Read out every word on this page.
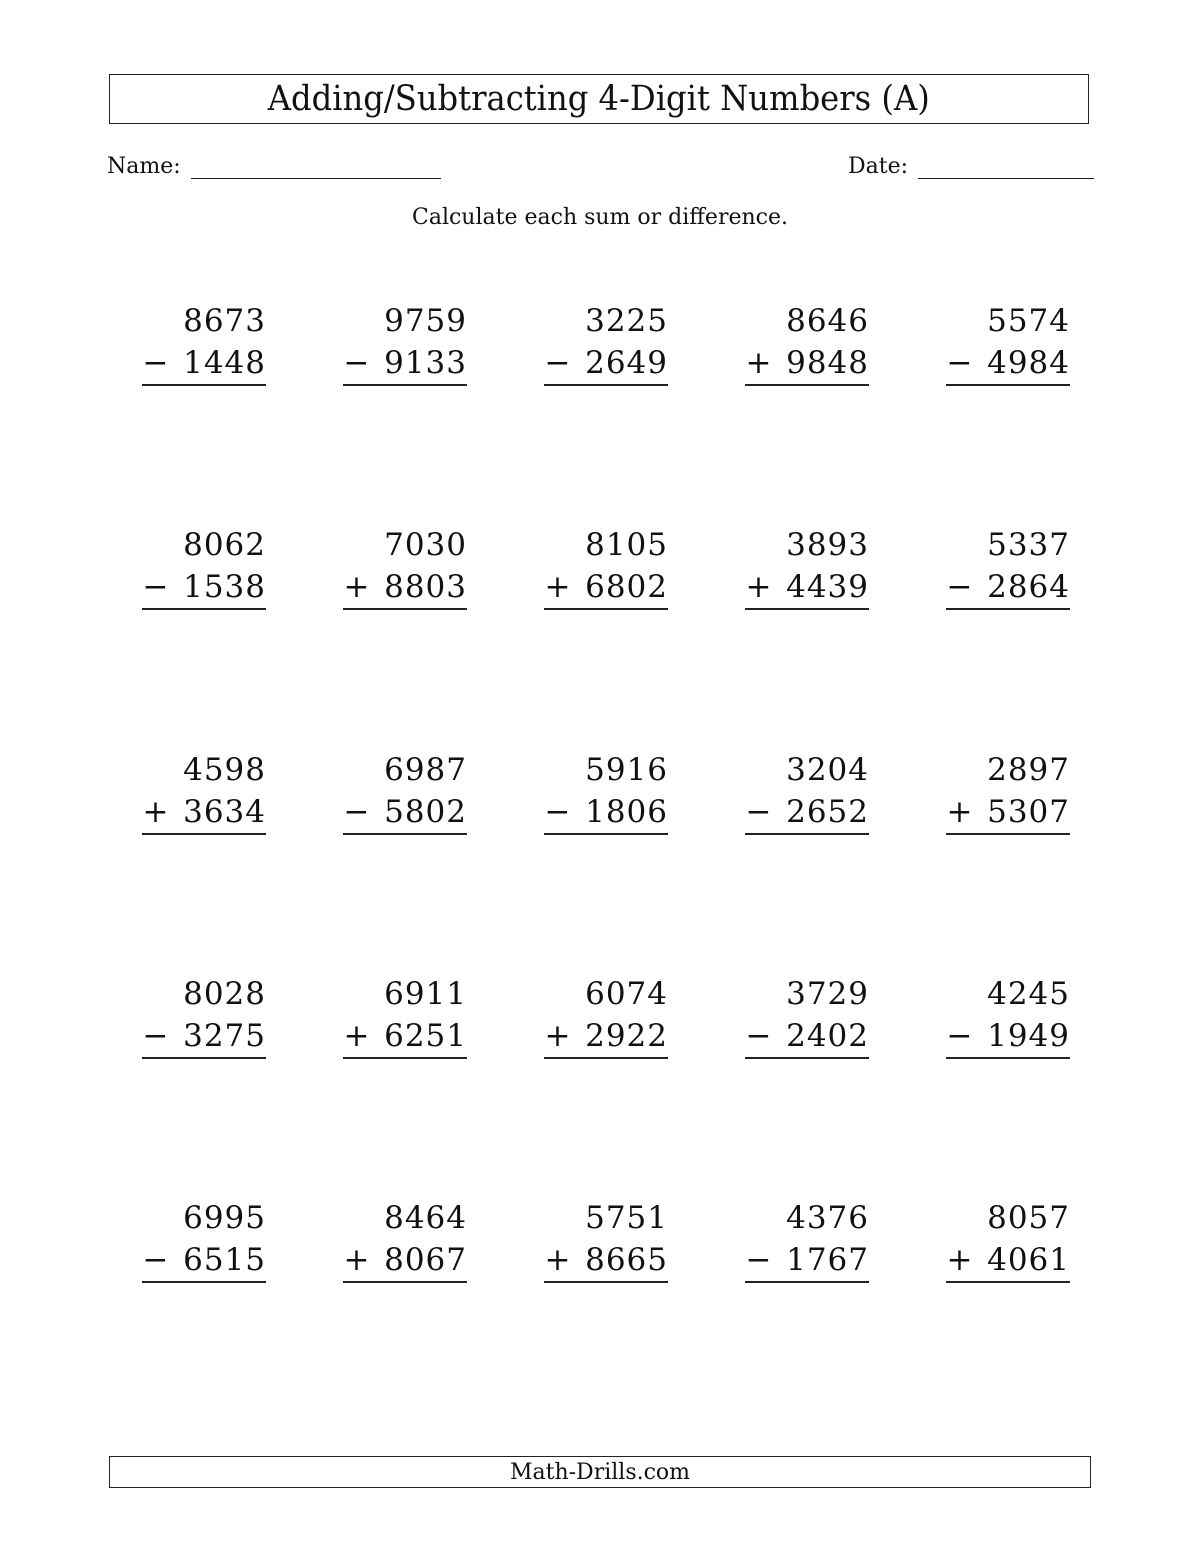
Adding/Subtracting 4-Digit Numbers (A)
Name:	Date:
Calculate each sum or difference.
8673
− 1448
9759
− 9133
3225
− 2649
8646
+ 9848
5574
− 4984
8062
− 1538
7030
+ 8803
8105
+ 6802
3893
+ 4439
5337
− 2864
4598
+ 3634
6987
− 5802
5916
− 1806
3204
− 2652
2897
+ 5307
8028
− 3275
6911
+ 6251
6074
+ 2922
3729
− 2402
4245
− 1949
6995
− 6515
8464
+ 8067
5751
+ 8665
4376
− 1767
8057
+ 4061
Math-Drills.com
